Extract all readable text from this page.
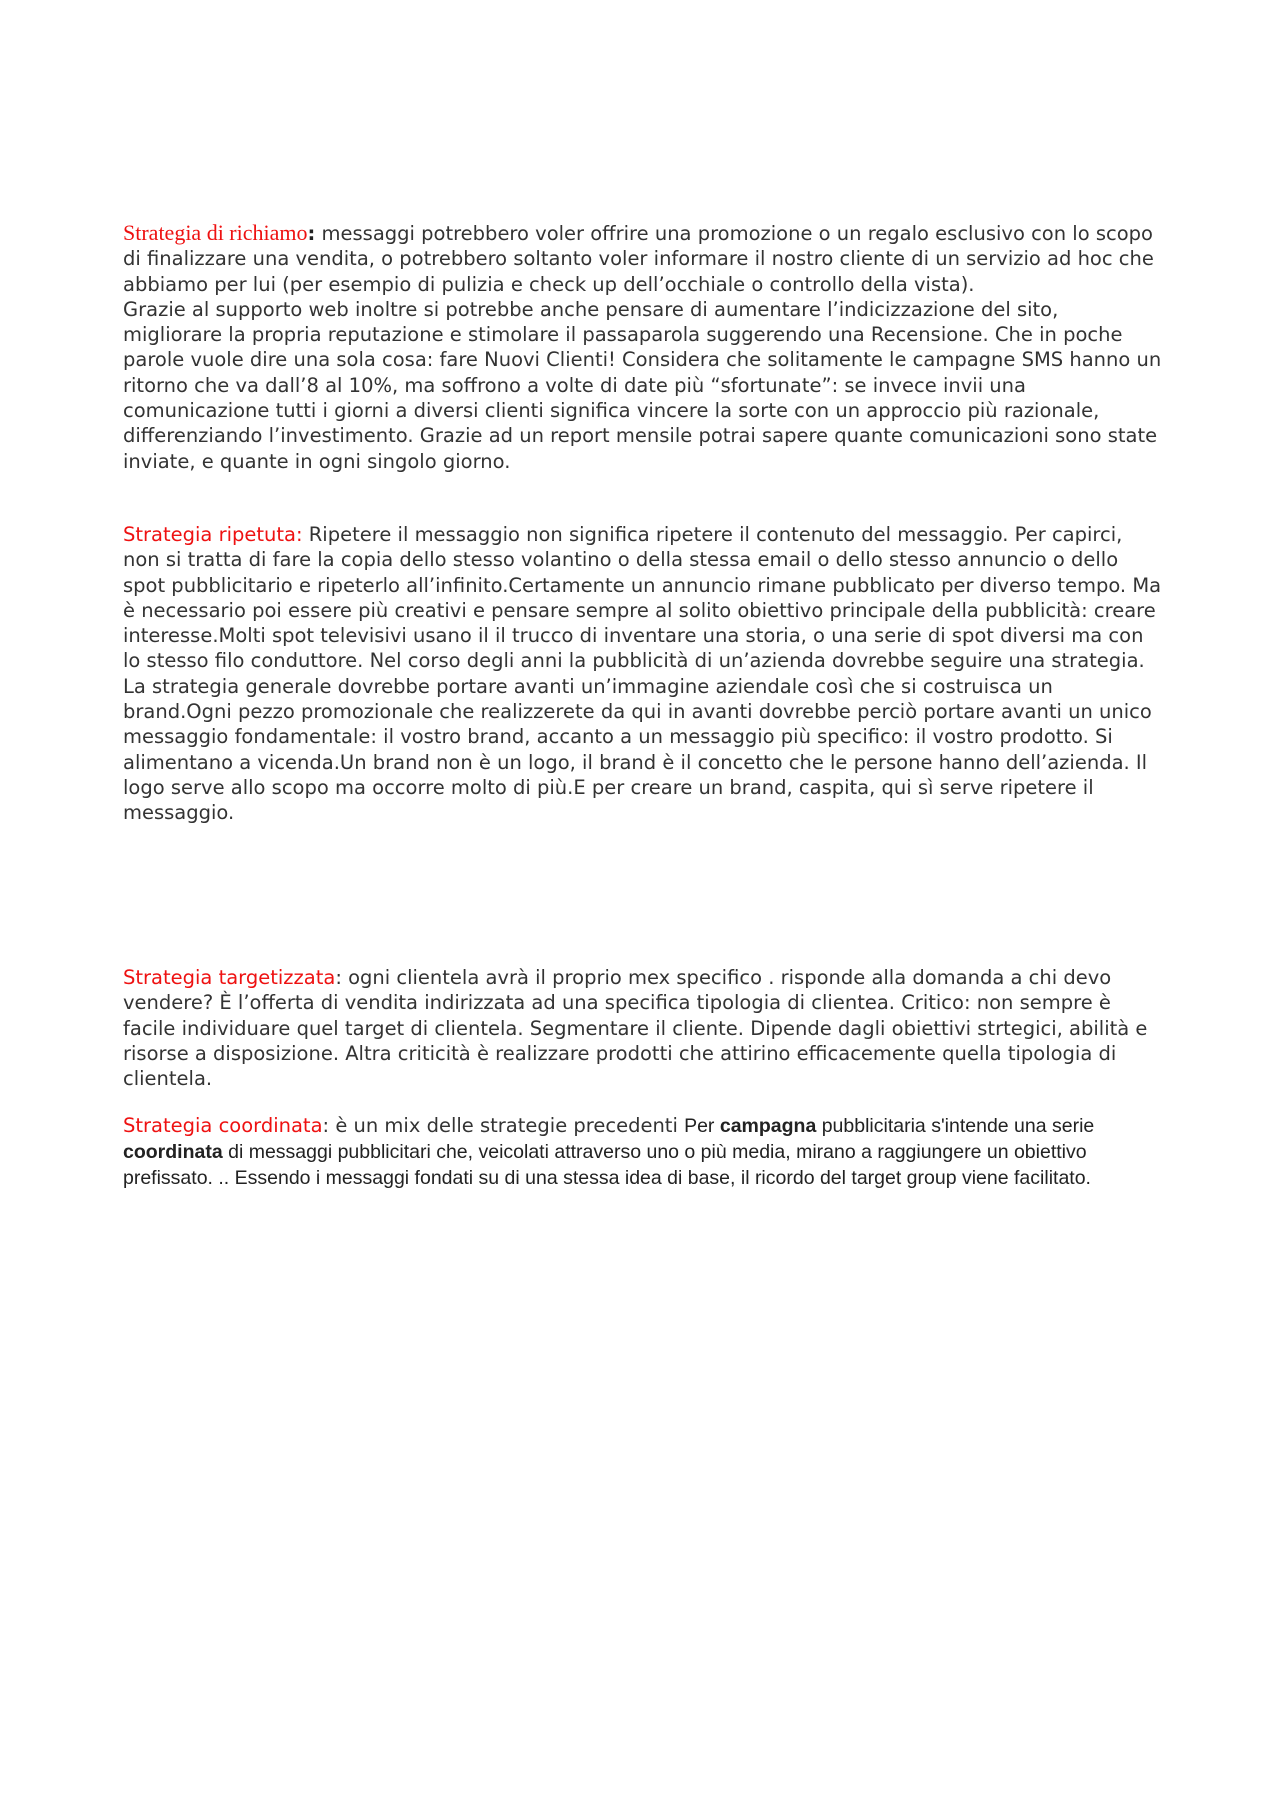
Strategia di richiamo: messaggi potrebbero voler offrire una promozione o un regalo esclusivo con lo scopo di finalizzare una vendita, o potrebbero soltanto voler informare il nostro cliente di un servizio ad hoc che abbiamo per lui (per esempio di pulizia e check up dell’occhiale o controllo della vista).

Grazie al supporto web inoltre si potrebbe anche pensare di aumentare l’indicizzazione del sito, migliorare la propria reputazione e stimolare il passaparola suggerendo una Recensione. Che in poche parole vuole dire una sola cosa: fare Nuovi Clienti! Considera che solitamente le campagne SMS hanno un ritorno che va dall’8 al 10%, ma soffrono a volte di date più “sfortunate”: se invece invii una comunicazione tutti i giorni a diversi clienti significa vincere la sorte con un approccio più razionale, differenziando l’investimento. Grazie ad un report mensile potrai sapere quante comunicazioni sono state inviate, e quante in ogni singolo giorno.

Strategia ripetuta: Ripetere il messaggio non significa ripetere il contenuto del messaggio. Per capirci, non si tratta di fare la copia dello stesso volantino o della stessa email o dello stesso annuncio o dello spot pubblicitario e ripeterlo all’infinito.Certamente un annuncio rimane pubblicato per diverso tempo. Ma è necessario poi essere più creativi e pensare sempre al solito obiettivo principale della pubblicità: creare interesse.Molti spot televisivi usano il il trucco di inventare una storia, o una serie di spot diversi ma con lo stesso filo conduttore. Nel corso degli anni la pubblicità di un’azienda dovrebbe seguire una strategia. La strategia generale dovrebbe portare avanti un’immagine aziendale così che si costruisca un brand.Ogni pezzo promozionale che realizzerete da qui in avanti dovrebbe perciò portare avanti un unico messaggio fondamentale: il vostro brand, accanto a un messaggio più specifico: il vostro prodotto. Si alimentano a vicenda.Un brand non è un logo, il brand è il concetto che le persone hanno dell’azienda. Il logo serve allo scopo ma occorre molto di più.E per creare un brand, caspita, qui sì serve ripetere il messaggio.

Strategia targetizzata: ogni clientela avrà il proprio mex specifico . risponde alla domanda a chi devo vendere? È l’offerta di vendita indirizzata ad una specifica tipologia di clientea. Critico: non sempre è facile individuare quel target di clientela. Segmentare il cliente. Dipende dagli obiettivi strtegici, abilità e risorse a disposizione. Altra criticità è realizzare prodotti che attirino efficacemente quella tipologia di clientela.

Strategia coordinata: è un mix delle strategie precedenti Per campagna pubblicitaria s'intende una serie coordinata di messaggi pubblicitari che, veicolati attraverso uno o più media, mirano a raggiungere un obiettivo prefissato. .. Essendo i messaggi fondati su di una stessa idea di base, il ricordo del target group viene facilitato.
